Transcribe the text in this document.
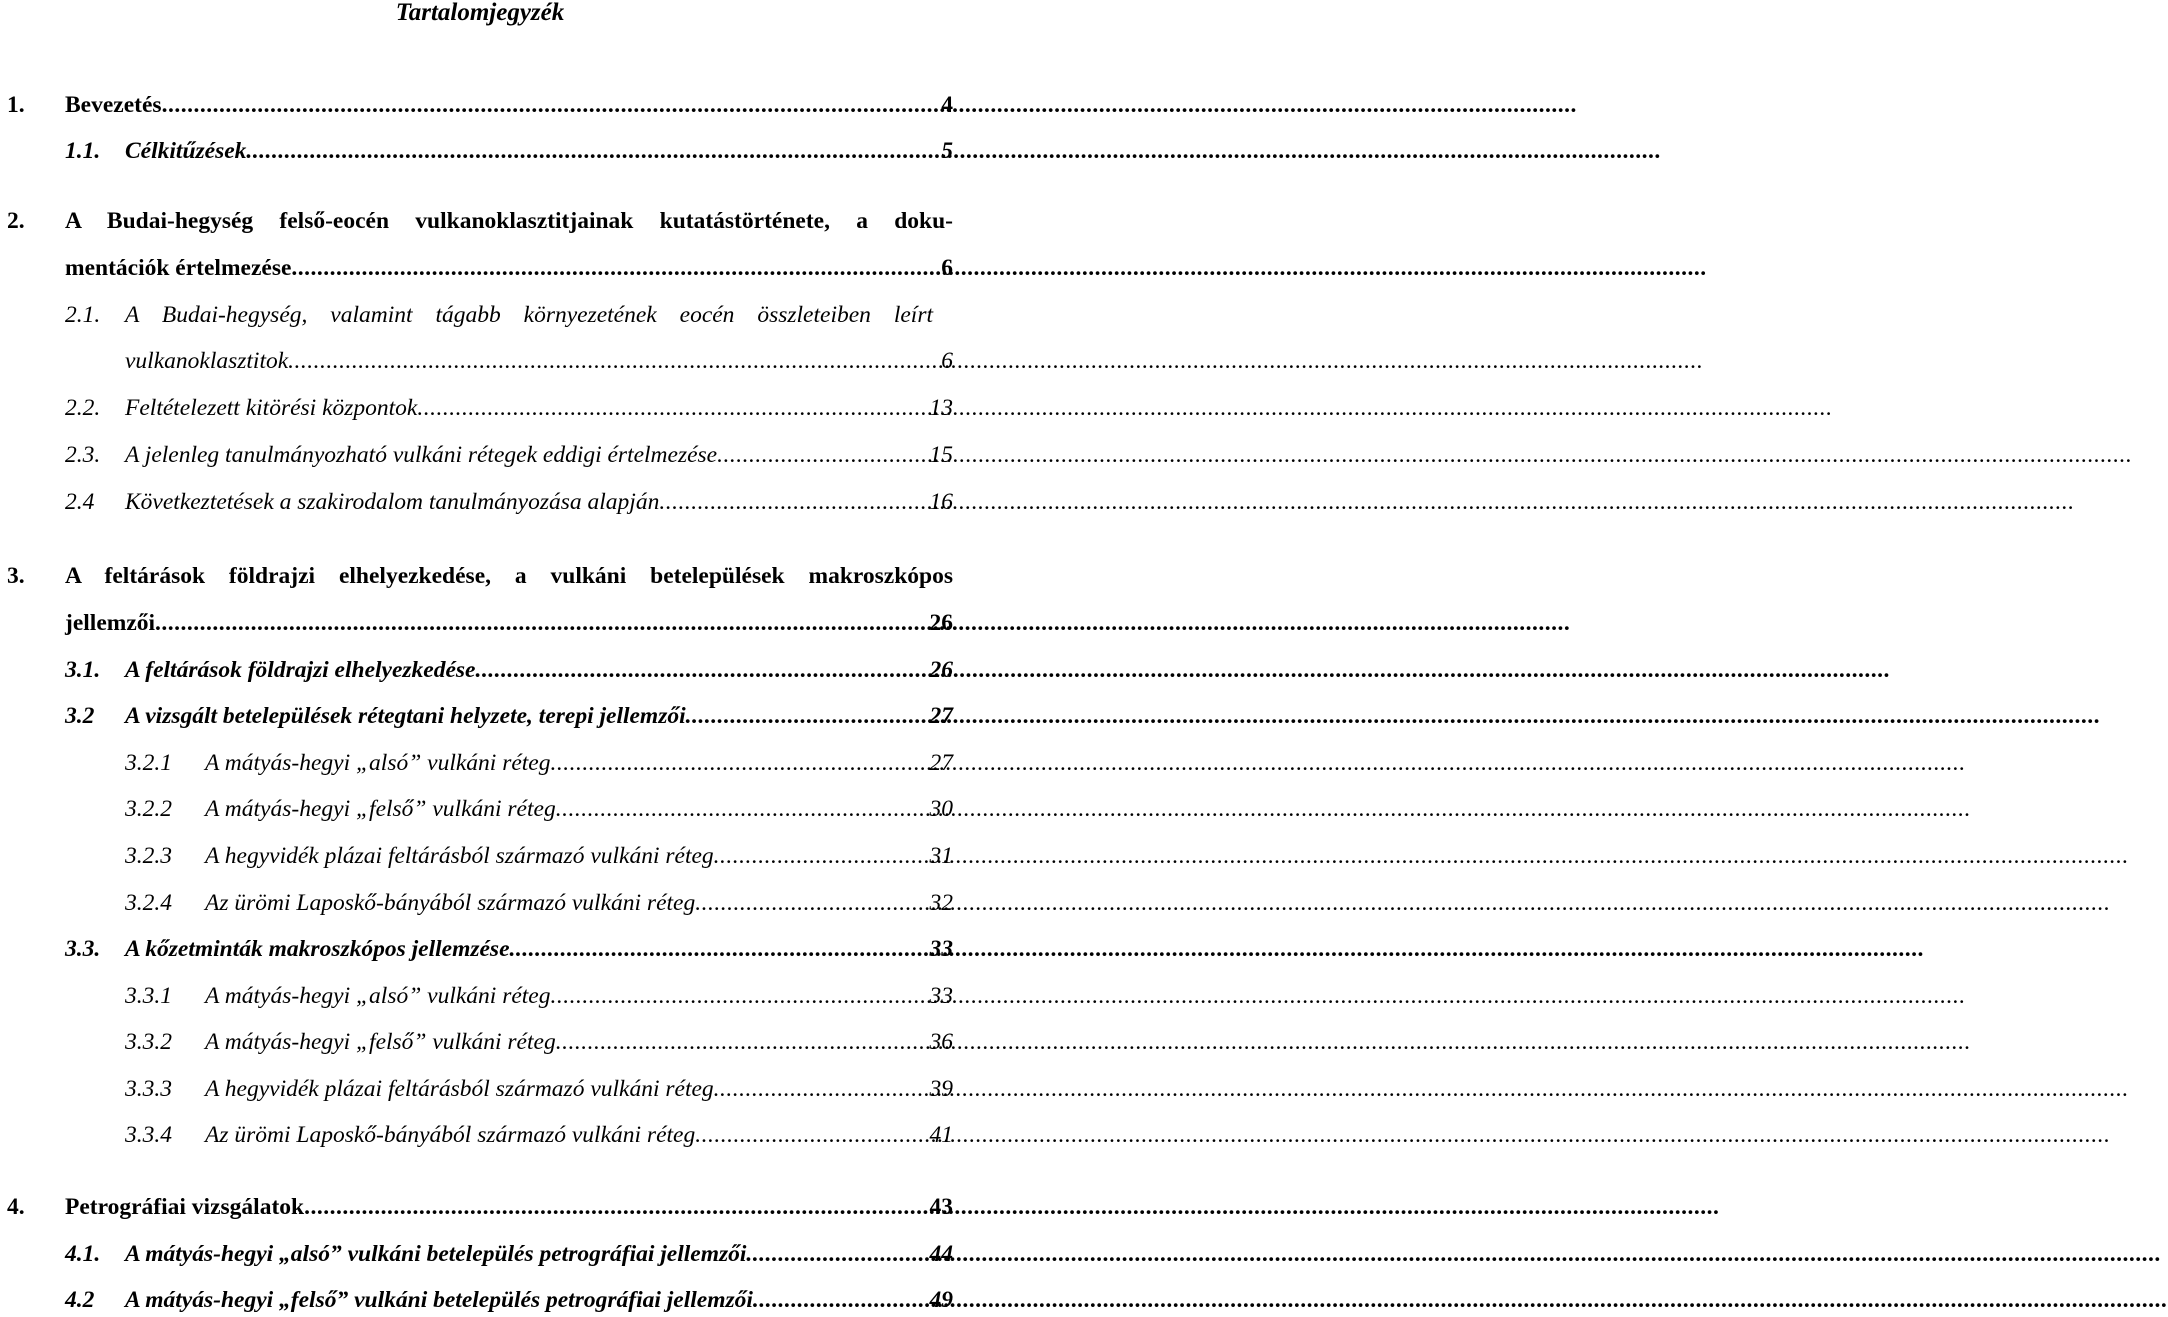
Tartalomjegyzék
1.	Bevezetés .....	4
1.1.	Célkitűzések .....	5
2.	A Budai-hegység felső-eocén vulkanoklasztitjainak kutatástörténete, a doku-
mentációk értelmezése .....	6
2.1.	A Budai-hegység, valamint tágabb környezetének eocén összleteiben leírt
vulkanoklasztitok .....	6
2.2.	Feltételezett kitörési központok .....	13
2.3.	A jelenleg tanulmányozható vulkáni rétegek eddigi értelmezése .....	15
2.4	Következtetések a szakirodalom tanulmányozása alapján .....	16
3.	A feltárások földrajzi elhelyezkedése, a vulkáni betelepülések makroszkópos
jellemzői .....	26
3.1.	A feltárások földrajzi elhelyezkedése .....	26
3.2	A vizsgált betelepülések rétegtani helyzete, terepi jellemzői .....	27
3.2.1	A mátyás-hegyi „alsó” vulkáni réteg .....	27
3.2.2	A mátyás-hegyi „felső” vulkáni réteg .....	30
3.2.3	A hegyvidék plázai feltárásból származó vulkáni réteg .....	31
3.2.4	Az ürömi Laposkő-bányából származó vulkáni réteg .....	32
3.3.	A kőzetminták makroszkópos jellemzése .....	33
3.3.1	A mátyás-hegyi „alsó” vulkáni réteg .....	33
3.3.2	A mátyás-hegyi „felső” vulkáni réteg .....	36
3.3.3	A hegyvidék plázai feltárásból származó vulkáni réteg .....	39
3.3.4	Az ürömi Laposkő-bányából származó vulkáni réteg .....	41
4.	Petrográfiai vizsgálatok .....	43
4.1.	A mátyás-hegyi „alsó” vulkáni betelepülés petrográfiai jellemzői .....	44
4.2	A mátyás-hegyi „felső” vulkáni betelepülés petrográfiai jellemzői .....	49
